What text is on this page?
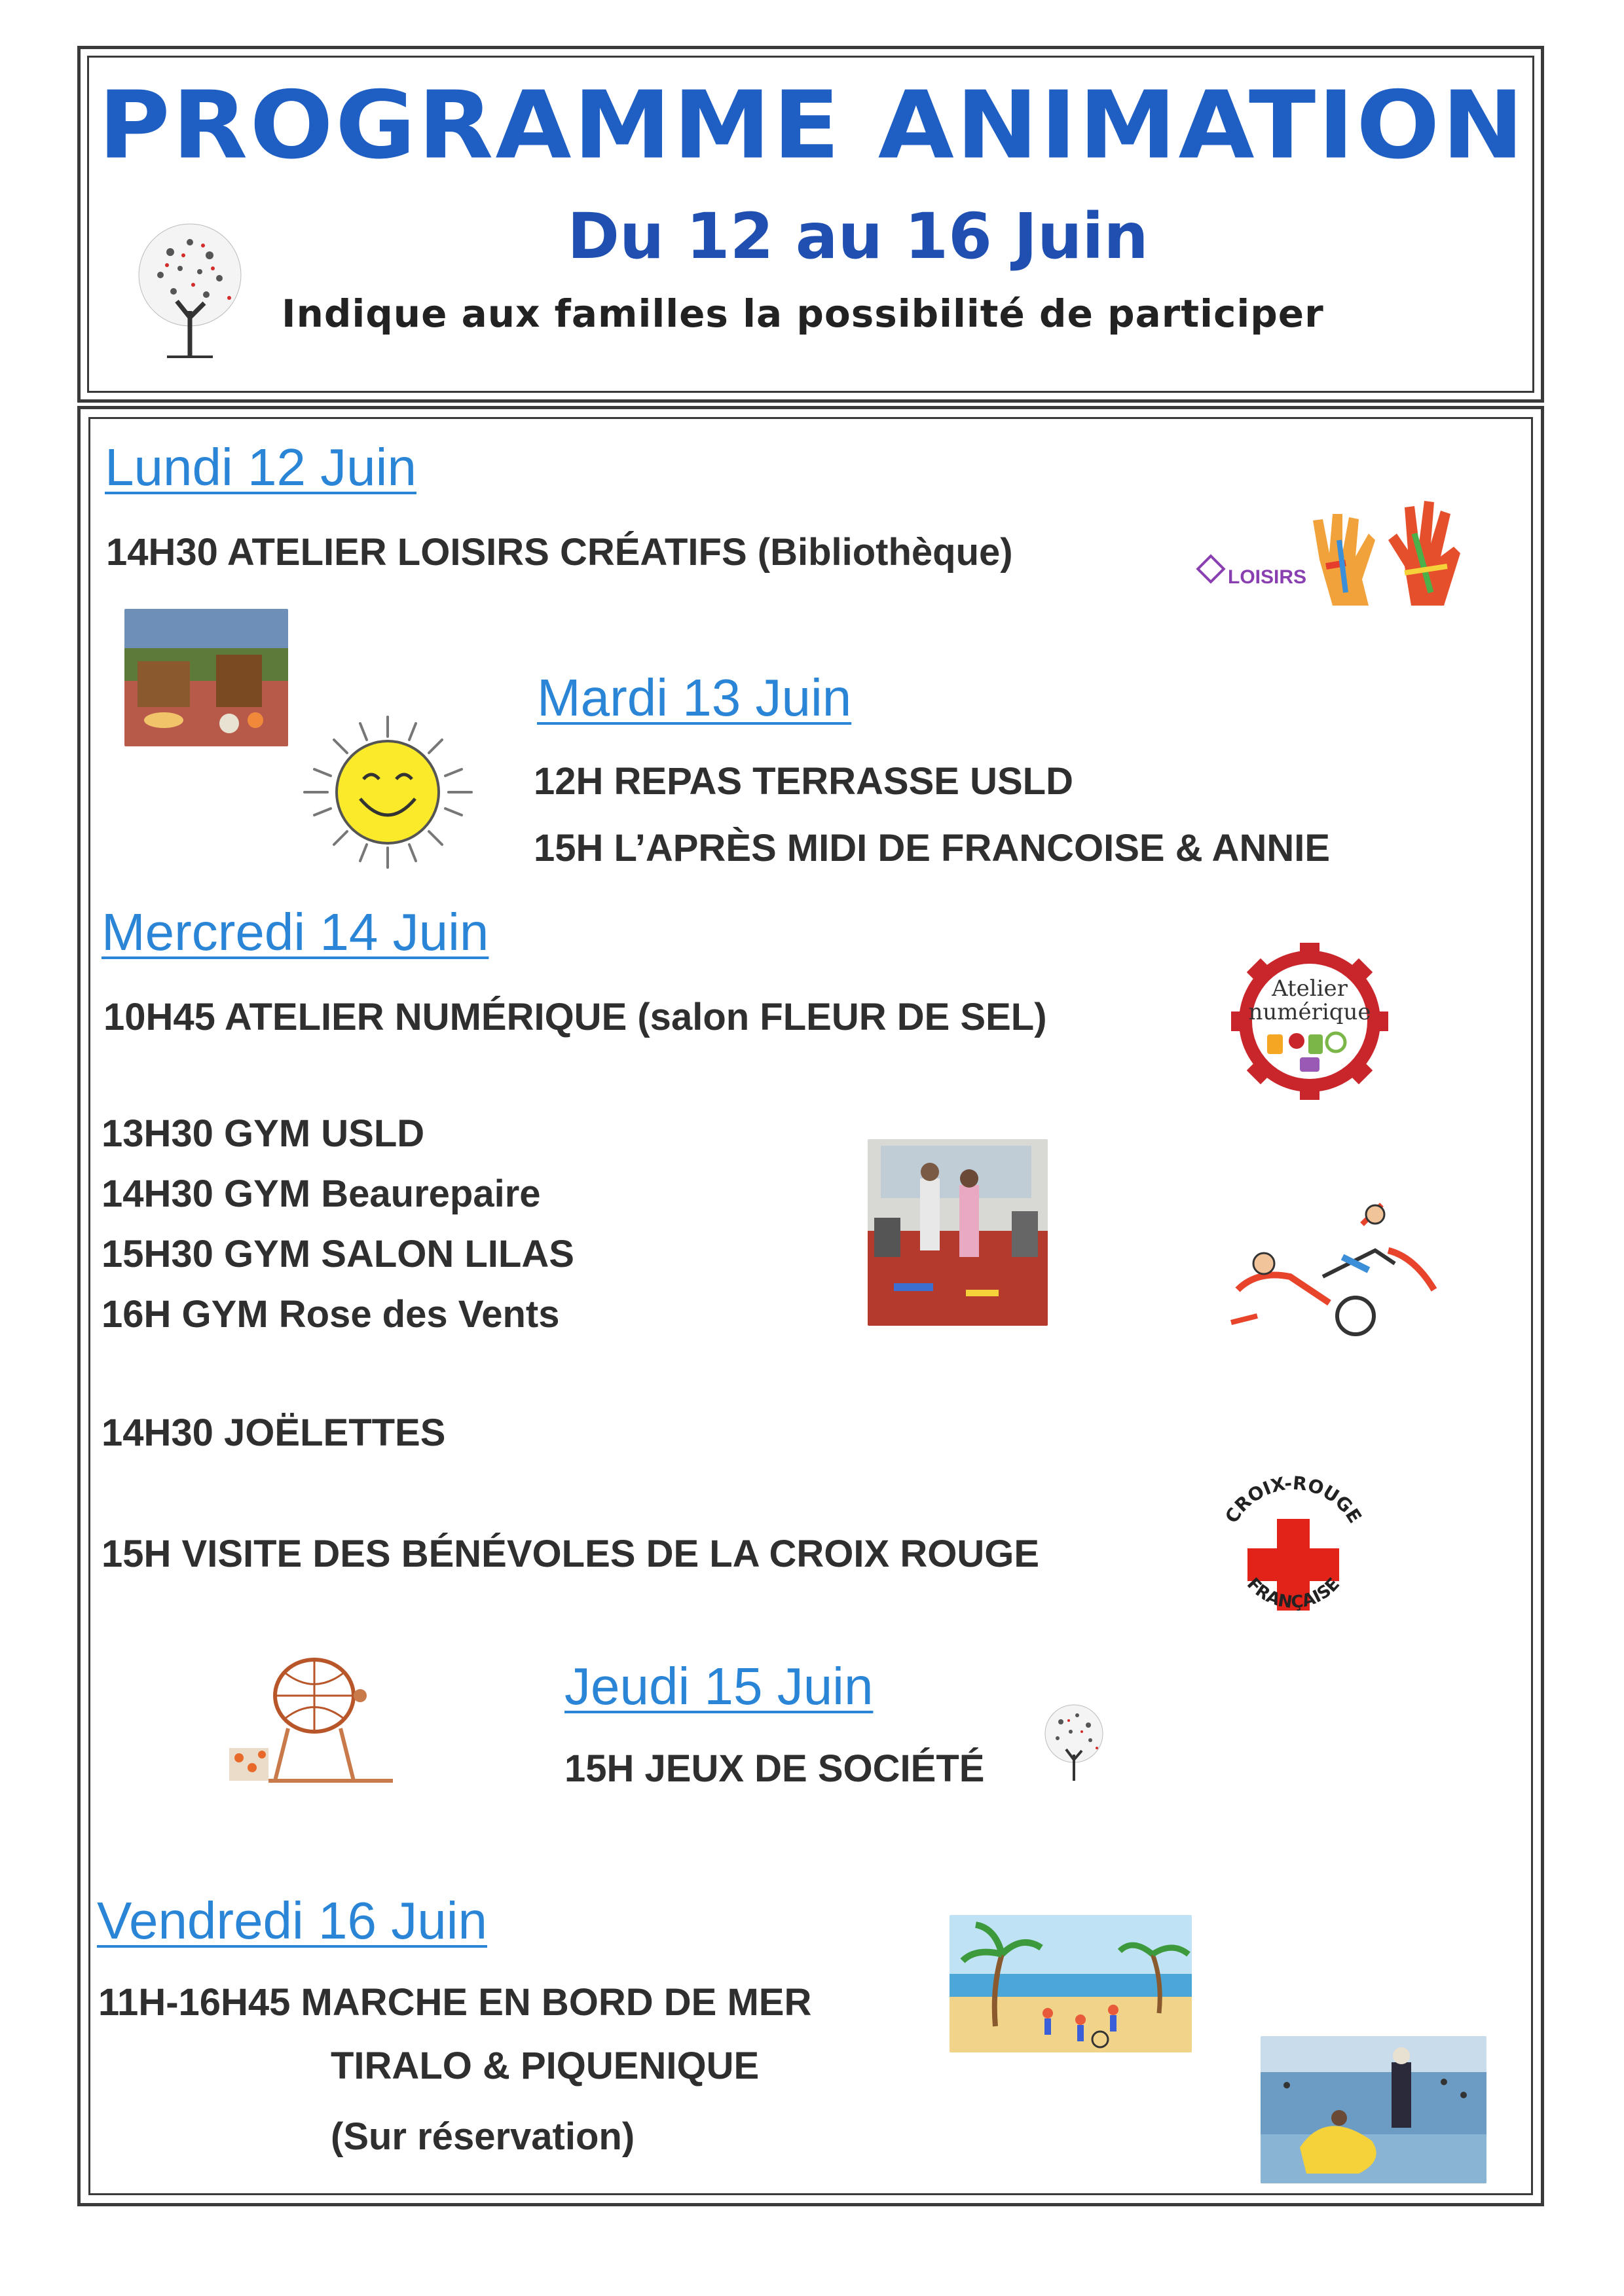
PROGRAMME ANIMATION
Du 12 au 16 Juin
Indique aux familles la possibilité de participer
Lundi 12 Juin
14H30 ATELIER LOISIRS CRÉATIFS (Bibliothèque)
LOISIRS
Mardi 13 Juin
12H REPAS TERRASSE USLD
15H L’APRÈS MIDI DE FRANCOISE & ANNIE
Mercredi 14 Juin
10H45 ATELIER NUMÉRIQUE (salon FLEUR DE SEL)
Atelier
numérique
13H30 GYM USLD
14H30 GYM Beaurepaire
15H30 GYM SALON LILAS
16H GYM Rose des Vents
14H30 JOËLETTES
15H VISITE DES BÉNÉVOLES DE LA CROIX ROUGE
CROIX-ROUGE
FRANÇAISE
Jeudi 15 Juin
15H JEUX DE SOCIÉTÉ
Vendredi 16 Juin
11H-16H45 MARCHE EN BORD DE MER
TIRALO & PIQUENIQUE
(Sur réservation)
